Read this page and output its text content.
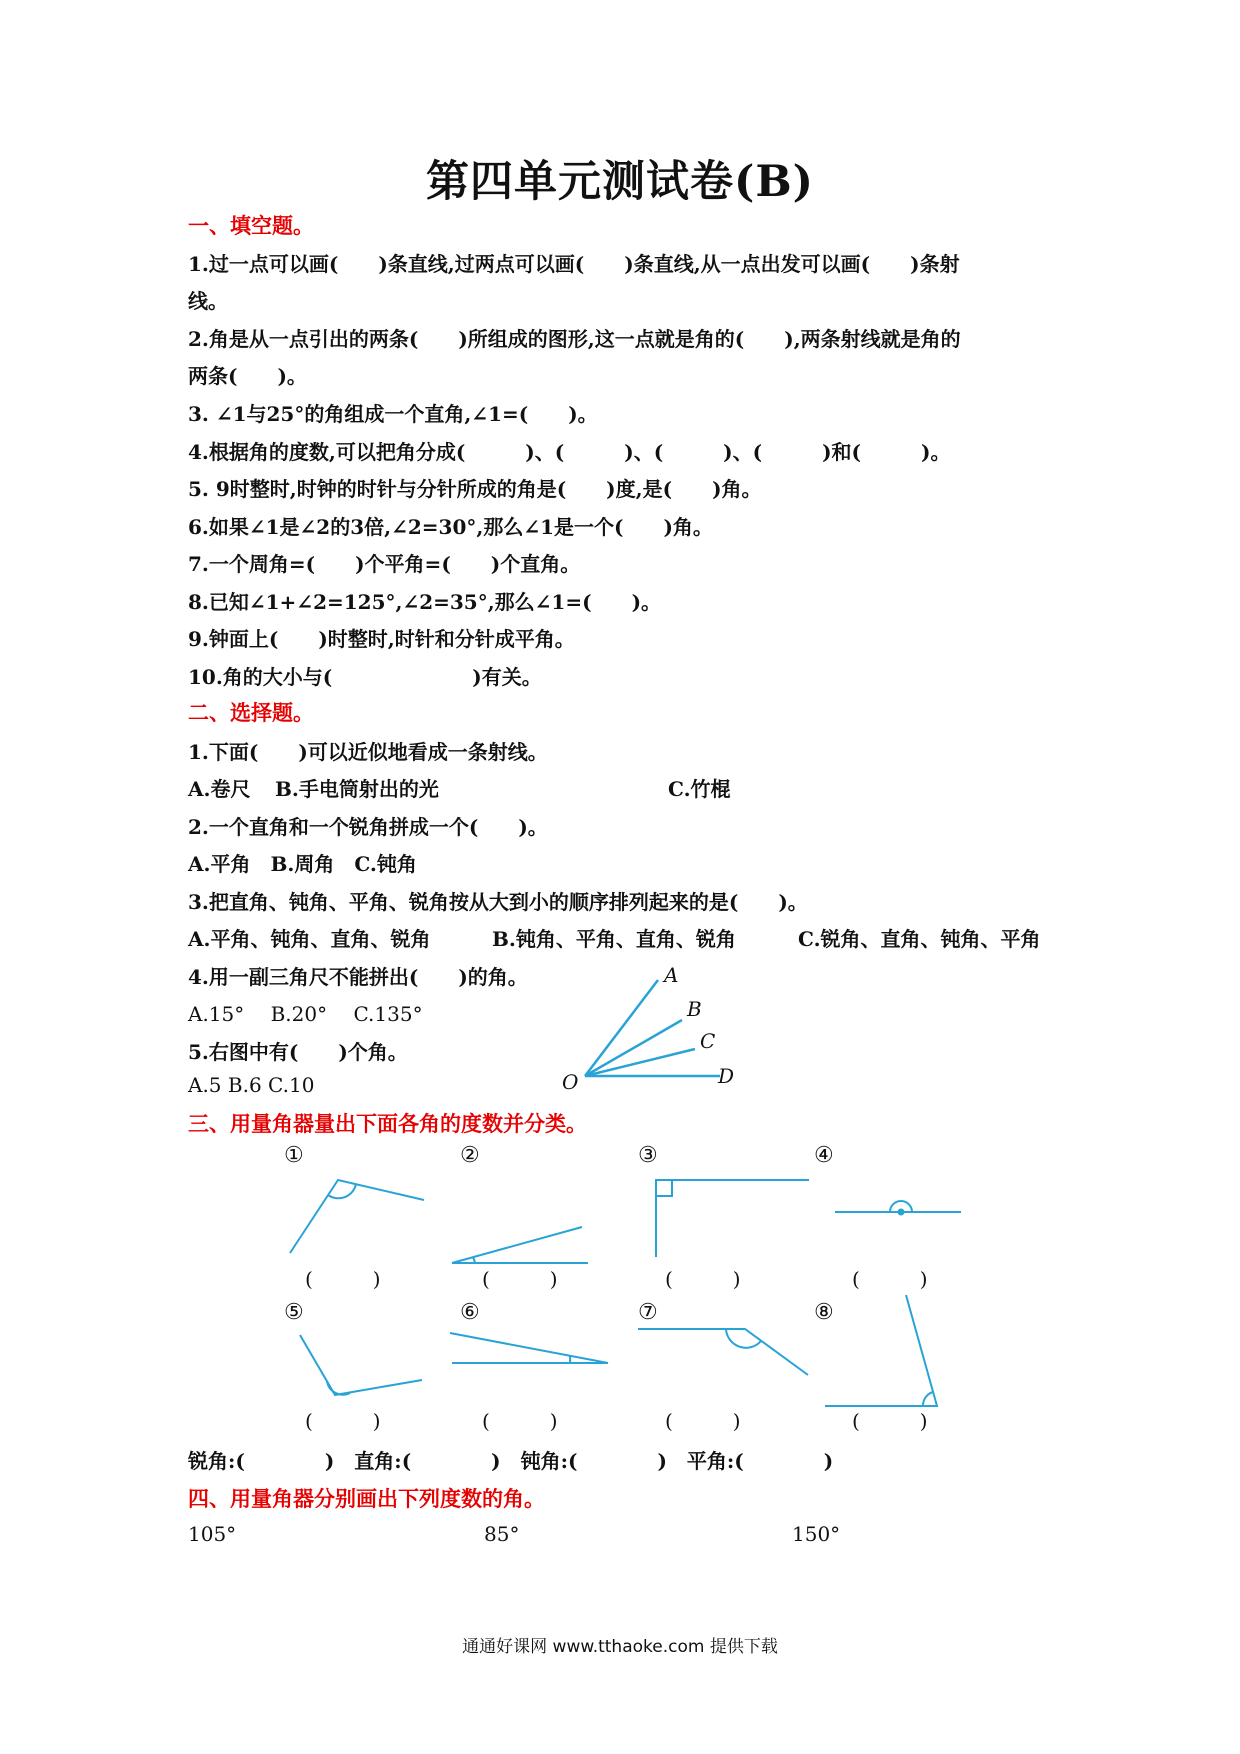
第四单元测试卷(B)
一、填空题。
1.过一点可以画(　　)条直线,过两点可以画(　　)条直线,从一点出发可以画(　　)条射
线。
2.角是从一点引出的两条(　　)所组成的图形,这一点就是角的(　　),两条射线就是角的
两条(　　)。
3. ∠1与25°的角组成一个直角,∠1=(　　)。
4.根据角的度数,可以把角分成(　　　)、(　　　)、(　　　)、(　　　)和(　　　)。
5. 9时整时,时钟的时针与分针所成的角是(　　)度,是(　　)角。
6.如果∠1是∠2的3倍,∠2=30°,那么∠1是一个(　　)角。
7.一个周角=(　　)个平角=(　　)个直角。
8.已知∠1+∠2=125°,∠2=35°,那么∠1=(　　)。
9.钟面上(　　)时整时,时针和分针成平角。
10.角的大小与(　　　　　　　)有关。
二、选择题。
1.下面(　　)可以近似地看成一条射线。
A.卷尺 B.手电筒射出的光	C.竹棍
2.一个直角和一个锐角拼成一个(　　)。
A.平角　B.周角　C.钝角
3.把直角、钝角、平角、锐角按从大到小的顺序排列起来的是(　　)。
A.平角、钝角、直角、锐角	B.钝角、平角、直角、锐角	C.锐角、直角、钝角、平角
4.用一副三角尺不能拼出(　　)的角。
A.15°　 B.20°　 C.135°
5.右图中有(　　)个角。
A.5 B.6 C.10
A
B
C
D
O
三、用量角器量出下面各角的度数并分类。
①	②	③	④
(　　　)	(　　　)	(　　　)	(　　　)
⑤	⑥	⑦	⑧
(　　　)	(　　　)	(　　　)	(　　　)
锐角:(　　　　)　直角:(　　　　)　钝角:(　　　　)　平角:(　　　　)
四、用量角器分别画出下列度数的角。
105°	85°	150°
通通好课网 www.tthaoke.com 提供下载
